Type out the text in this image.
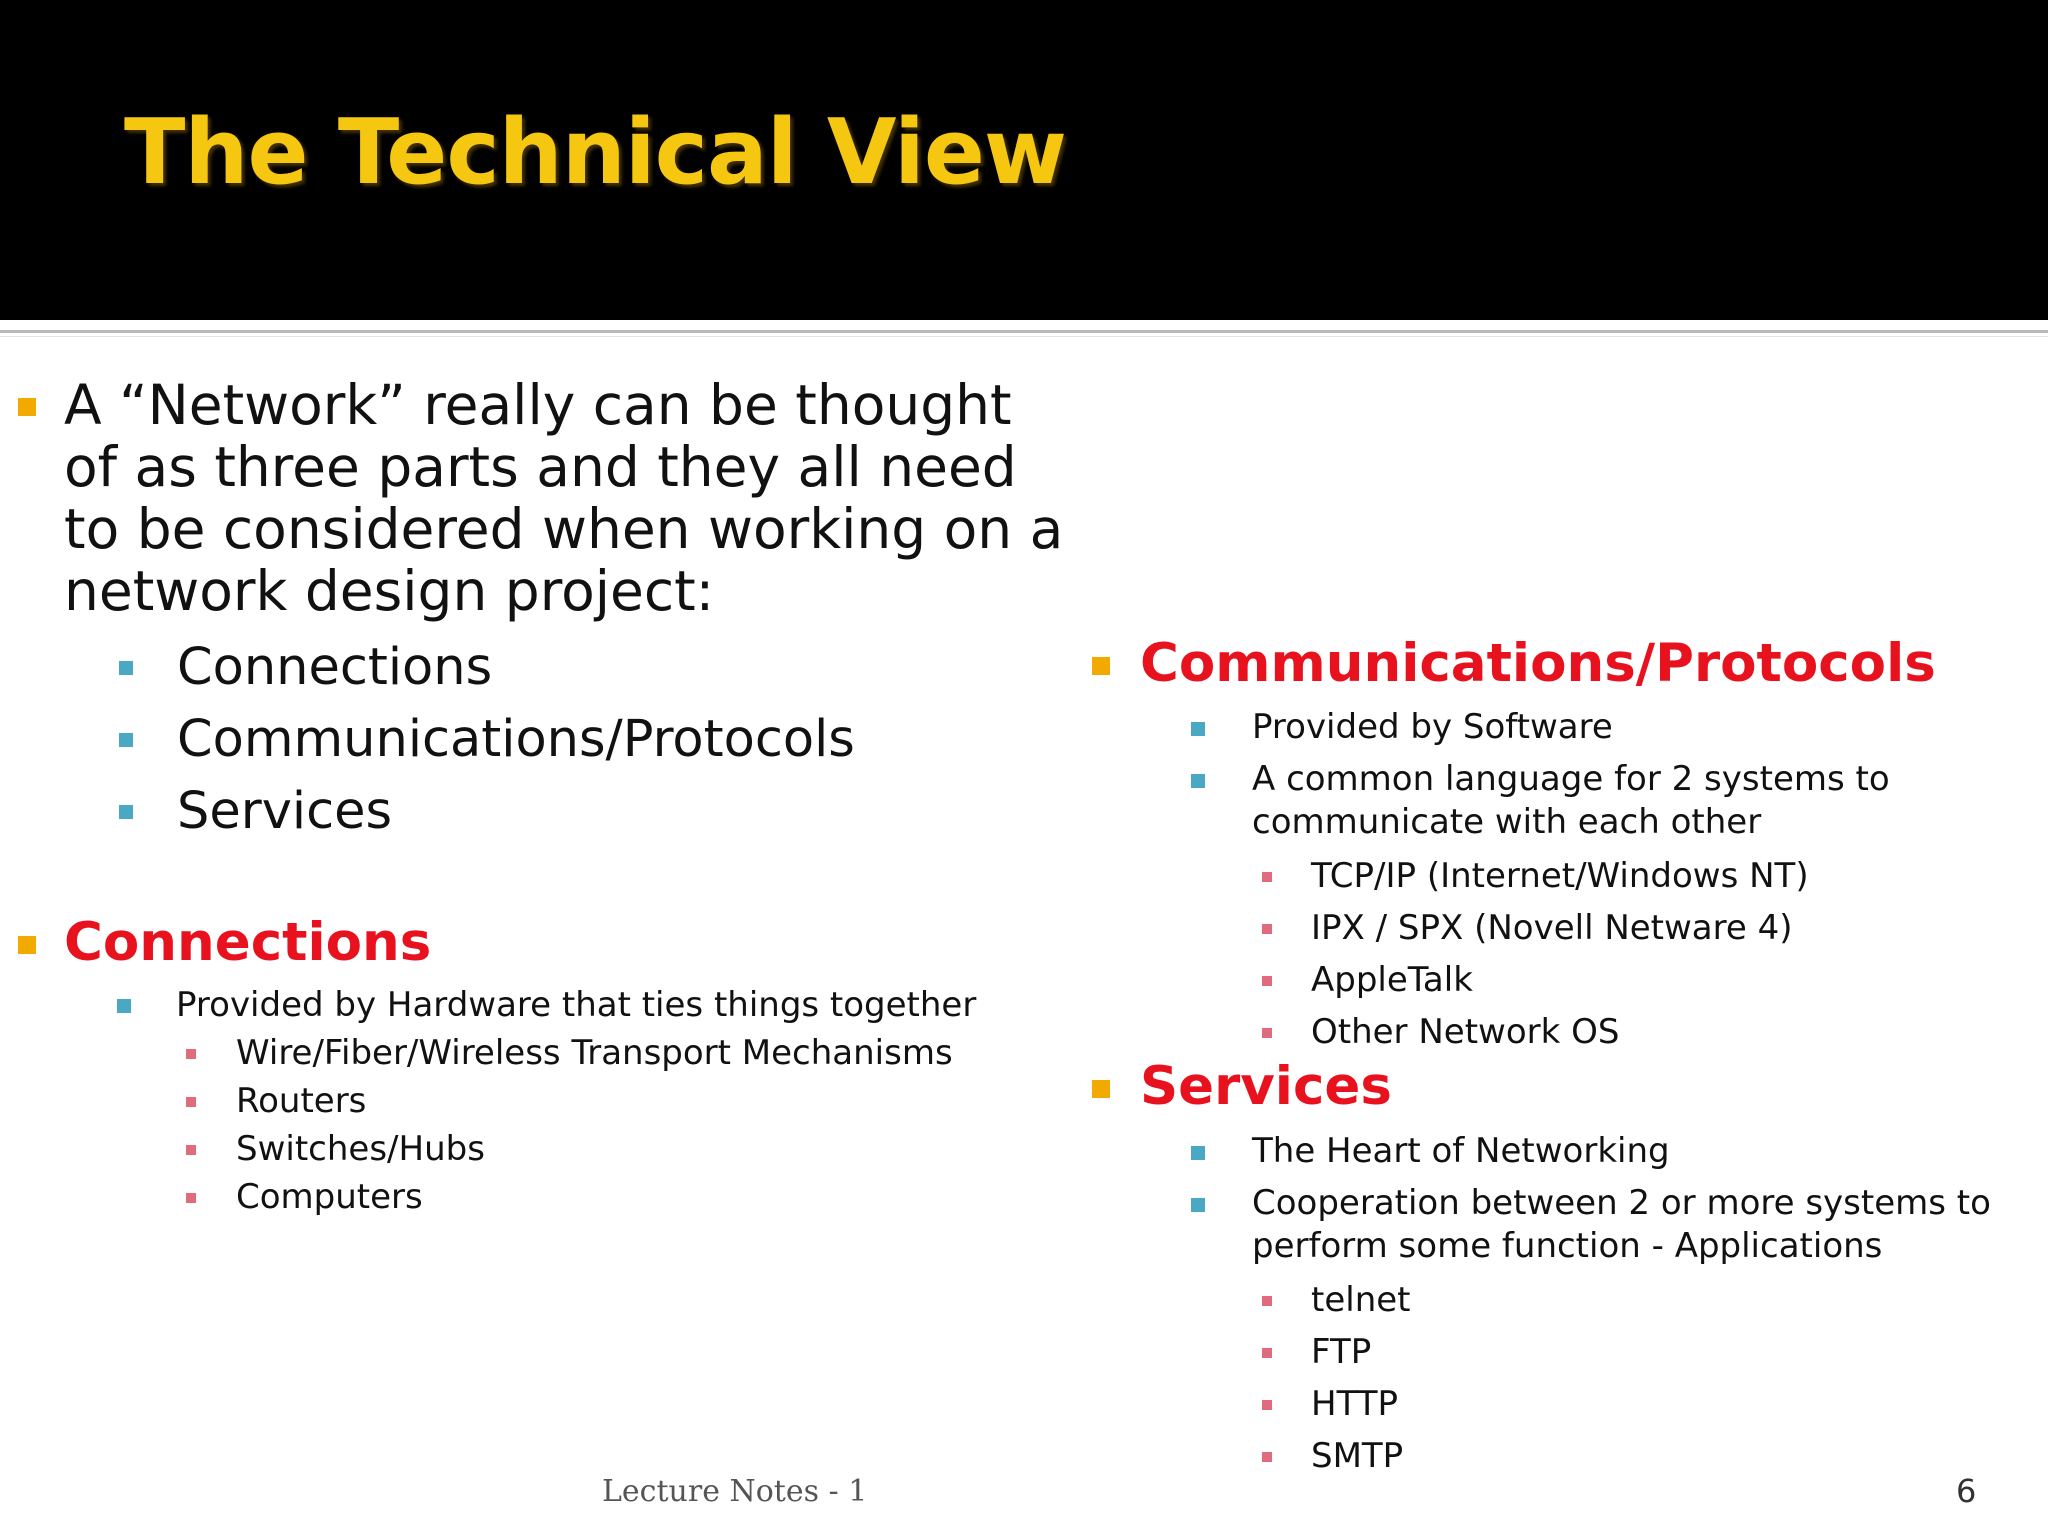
The Technical View

A “Network” really can be thought of as three parts and they all need to be considered when working on a network design project:

Connections
Communications/Protocols
Services
Connections
Provided by Hardware that ties things together
Wire/Fiber/Wireless Transport Mechanisms
Routers
Switches/Hubs
Computers
Communications/Protocols
Provided by Software
A common language for 2 systems to communicate with each other
TCP/IP (Internet/Windows NT)
IPX / SPX (Novell Netware 4)
AppleTalk
Other Network OS
Services
The Heart of Networking
Cooperation between 2 or more systems to perform some function - Applications
telnet
FTP
HTTP
SMTP
Lecture Notes - 1	6
